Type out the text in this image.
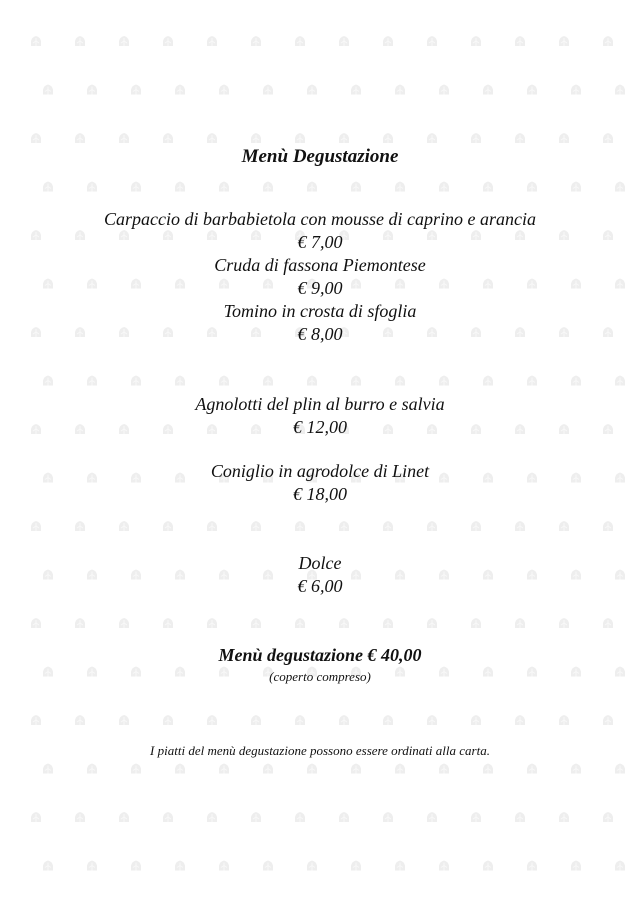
Menù Degustazione
Carpaccio di barbabietola con mousse di caprino e arancia
€ 7,00
Cruda di fassona Piemontese
€ 9,00
Tomino in crosta di sfoglia
€ 8,00
Agnolotti del plin al burro e salvia
€ 12,00
Coniglio in agrodolce di Linet
€ 18,00
Dolce
€ 6,00
Menù degustazione € 40,00
(coperto compreso)
I piatti del menù degustazione possono essere ordinati alla carta.
